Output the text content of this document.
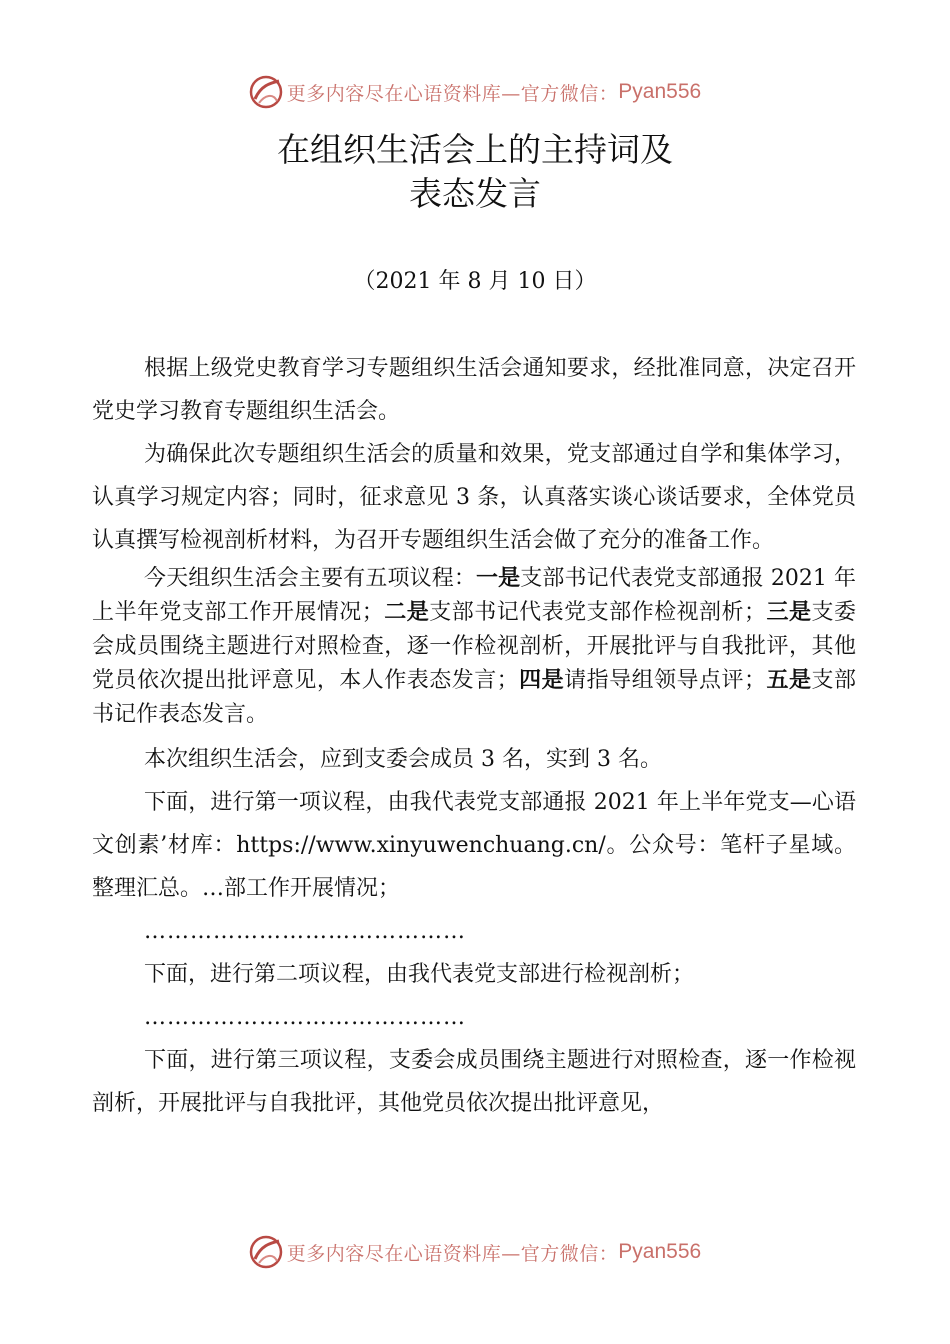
更多内容尽在心语资料库—官方微信： Pyan556
在组织生活会上的主持词及
表态发言
（2021 年 8 月 10 日）

根据上级党史教育学习专题组织生活会通知要求，经批准同意，决定召开党史学习教育专题组织生活会。

为确保此次专题组织生活会的质量和效果，党支部通过自学和集体学习，认真学习规定内容；同时，征求意见 3 条，认真落实谈心谈话要求，全体党员认真撰写检视剖析材料，为召开专题组织生活会做了充分的准备工作。

今天组织生活会主要有五项议程：一是支部书记代表党支部通报 2021 年上半年党支部工作开展情况；二是支部书记代表党支部作检视剖析；三是支委会成员围绕主题进行对照检查，逐一作检视剖析，开展批评与自我批评，其他党员依次提出批评意见，本人作表态发言；四是请指导组领导点评；五是支部书记作表态发言。

本次组织生活会，应到支委会成员 3 名，实到 3 名。

下面，进行第一项议程，由我代表党支部通报 2021 年上半年党支—心语文创素’材库：https://www.xinyuwenchuang.cn/。公众号：笔杆子星域。整理汇总。…部工作开展情况；

……………………………………

下面，进行第二项议程，由我代表党支部进行检视剖析；

……………………………………

下面，进行第三项议程，支委会成员围绕主题进行对照检查，逐一作检视剖析，开展批评与自我批评，其他党员依次提出批评意见，

更多内容尽在心语资料库—官方微信： Pyan556
